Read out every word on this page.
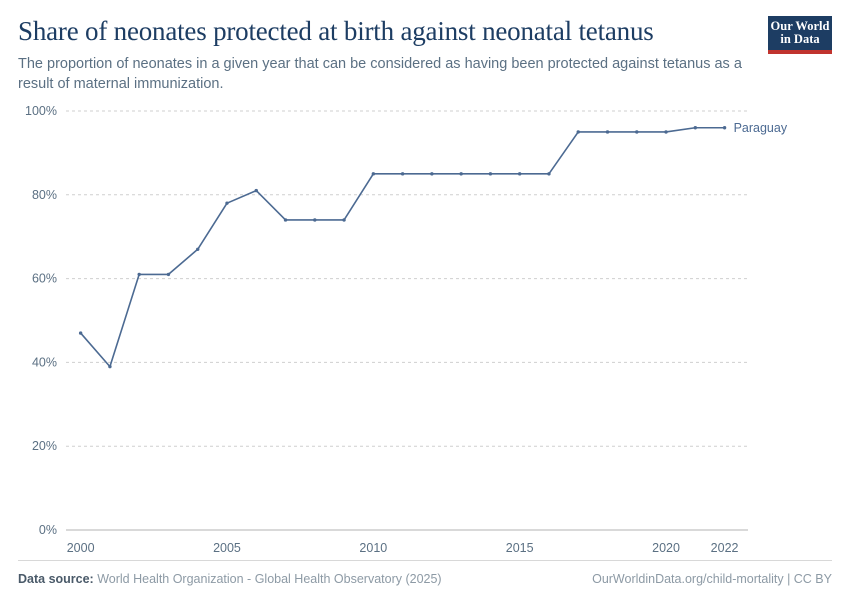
Share of neonates protected at birth against neonatal tetanus
The proportion of neonates in a given year that can be considered as having been protected against tetanus as a result of maternal immunization.
Our World
in Data
0%
20%
40%
60%
80%
100%
2000	2005	2010	2015	2020 2022
Paraguay
Data source: World Health Organization - Global Health Observatory (2025)	OurWorldinData.org/child-mortality | CC BY
